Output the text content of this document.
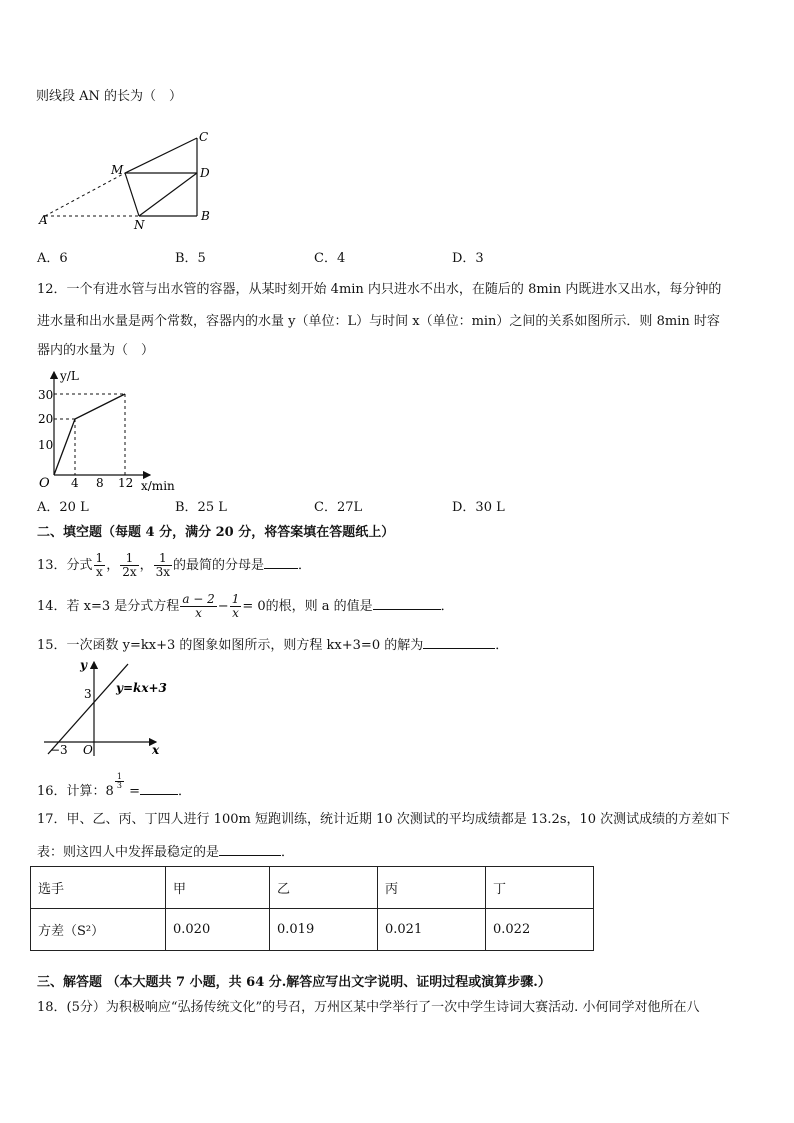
则线段 AN 的长为（　）
A	B
C
D
M
N
A．6	B．5	C．4	D．3
12．一个有进水管与出水管的容器，从某时刻开始 4min 内只进水不出水，在随后的 8min 内既进水又出水，每分钟的
进水量和出水量是两个常数，容器内的水量 y（单位：L）与时间 x（单位：min）之间的关系如图所示．则 8min 时容
器内的水量为（　）
y/L
x/min
O
30
20
10
4 8 12
A．20 L	B．25 L	C．27L	D．30 L
二、填空题（每题 4 分，满分 20 分，将答案填在答题纸上）
13．分式 $\frac{1}{x}$ ， $\frac{1}{2x}$ ， $\frac{1}{3x}$ 的最简的分母是	．
14．若 x=3 是分式方程 $\frac{a - 2}{x} - \frac{1}{x} = 0$的根，则 a 的值是	．
15．一次函数 y=kx+3 的图象如图所示，则方程 kx+3=0 的解为	．
y
x
O
3
−3
y=kx+3
16．计算：8
$\frac{1}{3}$
=	．
17．甲、乙、丙、丁四人进行 100m 短跑训练，统计近期 10 次测试的平均成绩都是 13.2s，10 次测试成绩的方差如下
表：则这四人中发挥最稳定的是	．
选手	甲	乙	丙	丁
方差（S²）	0.020	0.019	0.021	0.022
三、解答题 （本大题共 7 小题，共 64 分.解答应写出文字说明、证明过程或演算步骤.）
18．(5分）为积极响应“弘扬传统文化”的号召，万州区某中学举行了一次中学生诗词大赛活动. 小何同学对他所在八
